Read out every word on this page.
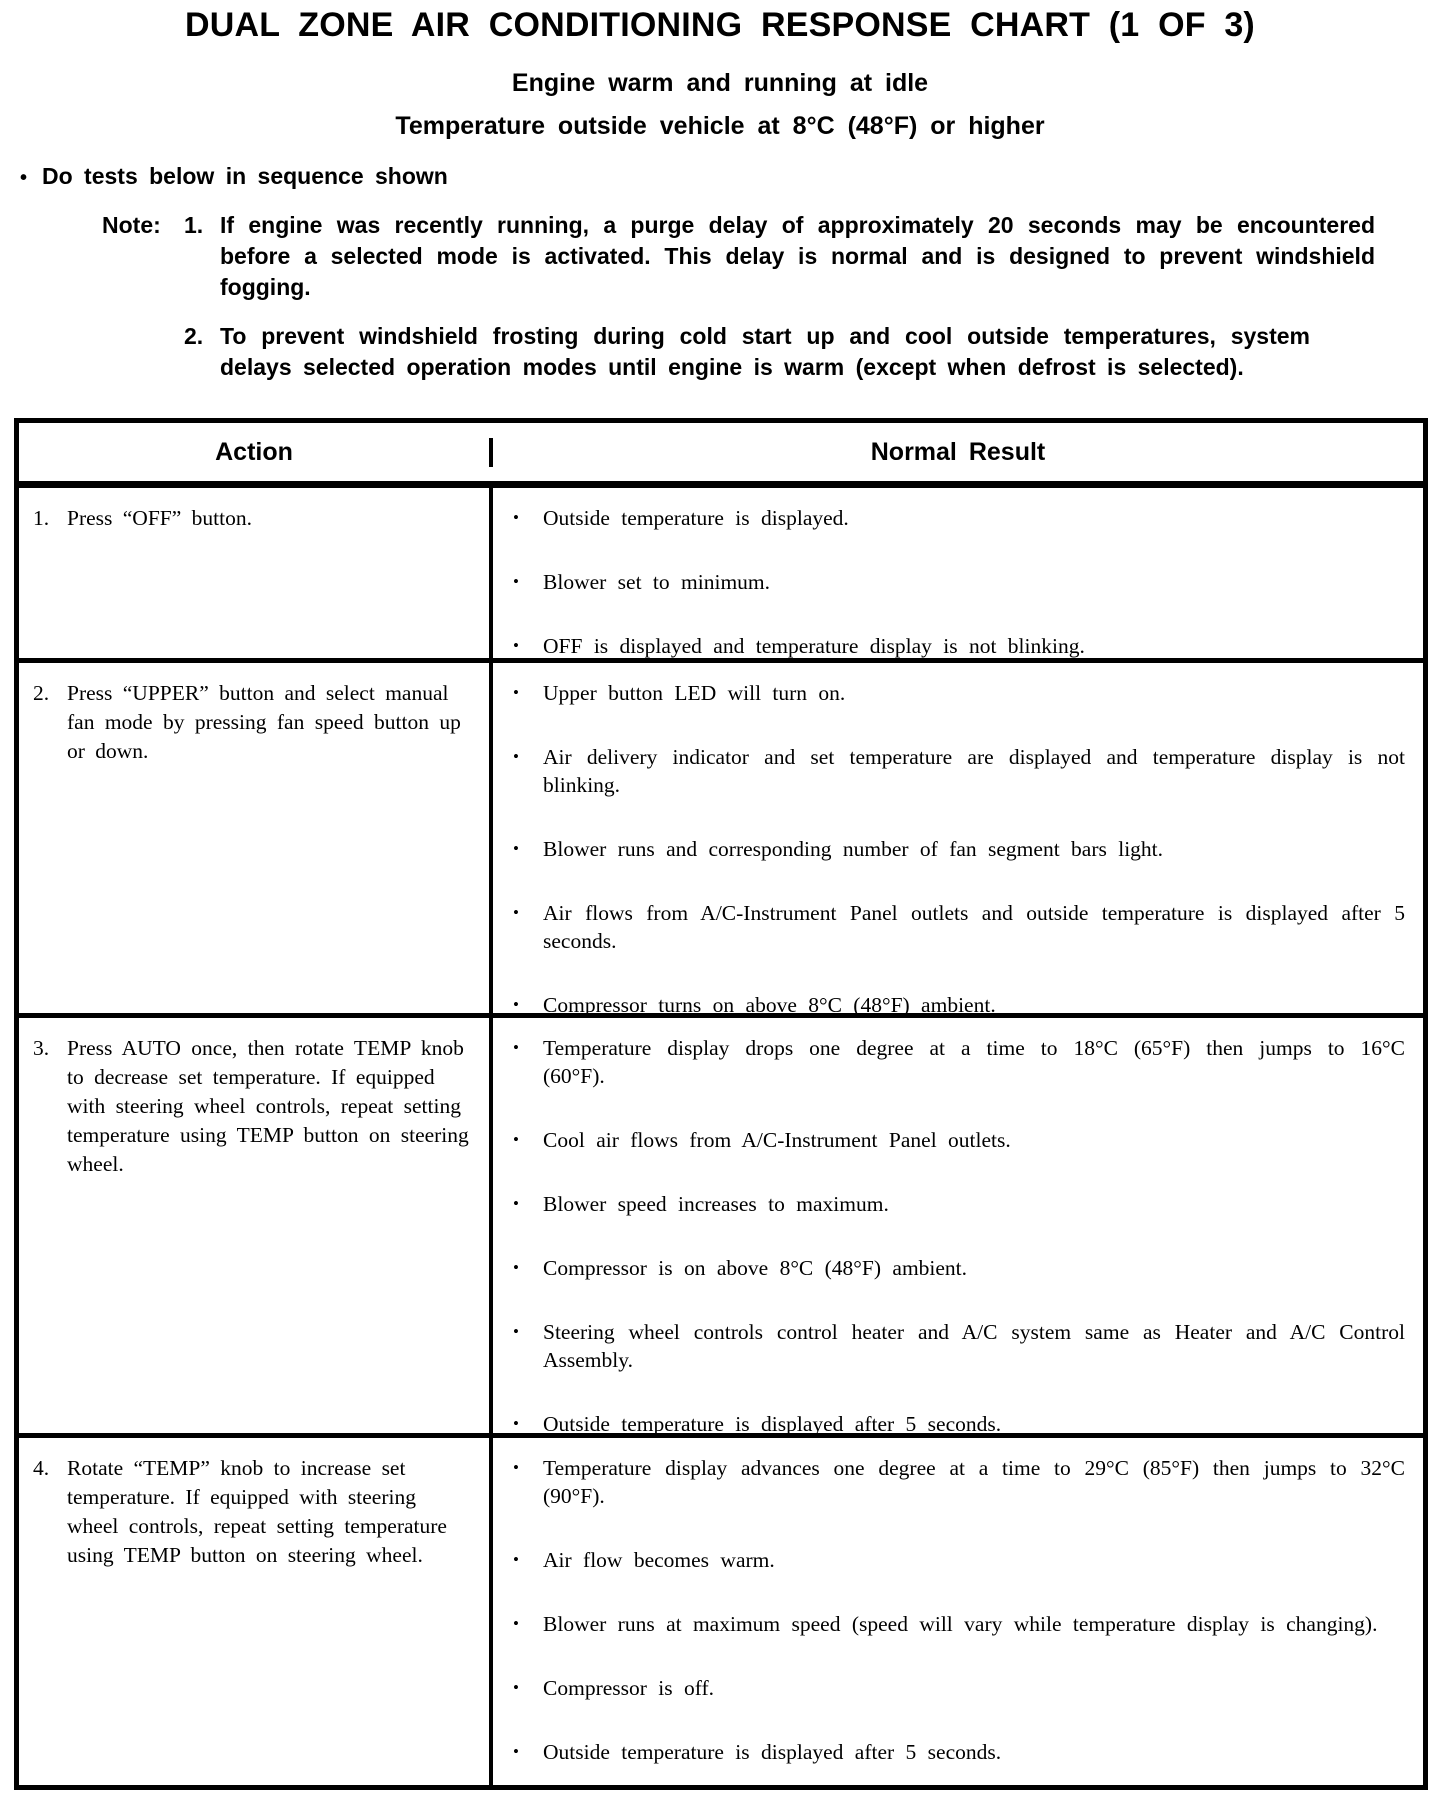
DUAL ZONE AIR CONDITIONING RESPONSE CHART (1 OF 3)
Engine warm and running at idle
Temperature outside vehicle at 8°C (48°F) or higher
• Do tests below in sequence shown
Note:	1. If engine was recently running, a purge delay of approximately 20 seconds may be encountered before a selected mode is activated. This delay is normal and is designed to prevent windshield fogging.
2. To prevent windshield frosting during cold start up and cool outside temperatures, system delays selected operation modes until engine is warm (except when defrost is selected).
Action	Normal Result
1. Press “OFF” button.	•	Outside temperature is displayed.
•	Blower set to minimum.
•	OFF is displayed and temperature display is not blinking.
2. Press “UPPER” button and select manual fan mode by pressing fan speed button up or down.
•	Upper button LED will turn on.
•	Air delivery indicator and set temperature are displayed and temperature display is not blinking.
•	Blower runs and corresponding number of fan segment bars light.
•	Air flows from A/C-Instrument Panel outlets and outside temperature is displayed after 5 seconds.
•	Compressor turns on above 8°C (48°F) ambient.
3. Press AUTO once, then rotate TEMP knob to decrease set temperature. If equipped with steering wheel controls, repeat setting temperature using TEMP button on steering wheel.
•	Temperature display drops one degree at a time to 18°C (65°F) then jumps to 16°C (60°F).
•	Cool air flows from A/C-Instrument Panel outlets.
•	Blower speed increases to maximum.
•	Compressor is on above 8°C (48°F) ambient.
•	Steering wheel controls control heater and A/C system same as Heater and A/C Control Assembly.
•	Outside temperature is displayed after 5 seconds.
4. Rotate “TEMP” knob to increase set temperature. If equipped with steering wheel controls, repeat setting temperature using TEMP button on steering wheel.
•	Temperature display advances one degree at a time to 29°C (85°F) then jumps to 32°C (90°F).
•	Air flow becomes warm.
•	Blower runs at maximum speed (speed will vary while temperature display is changing).
•	Compressor is off.
•	Outside temperature is displayed after 5 seconds.
